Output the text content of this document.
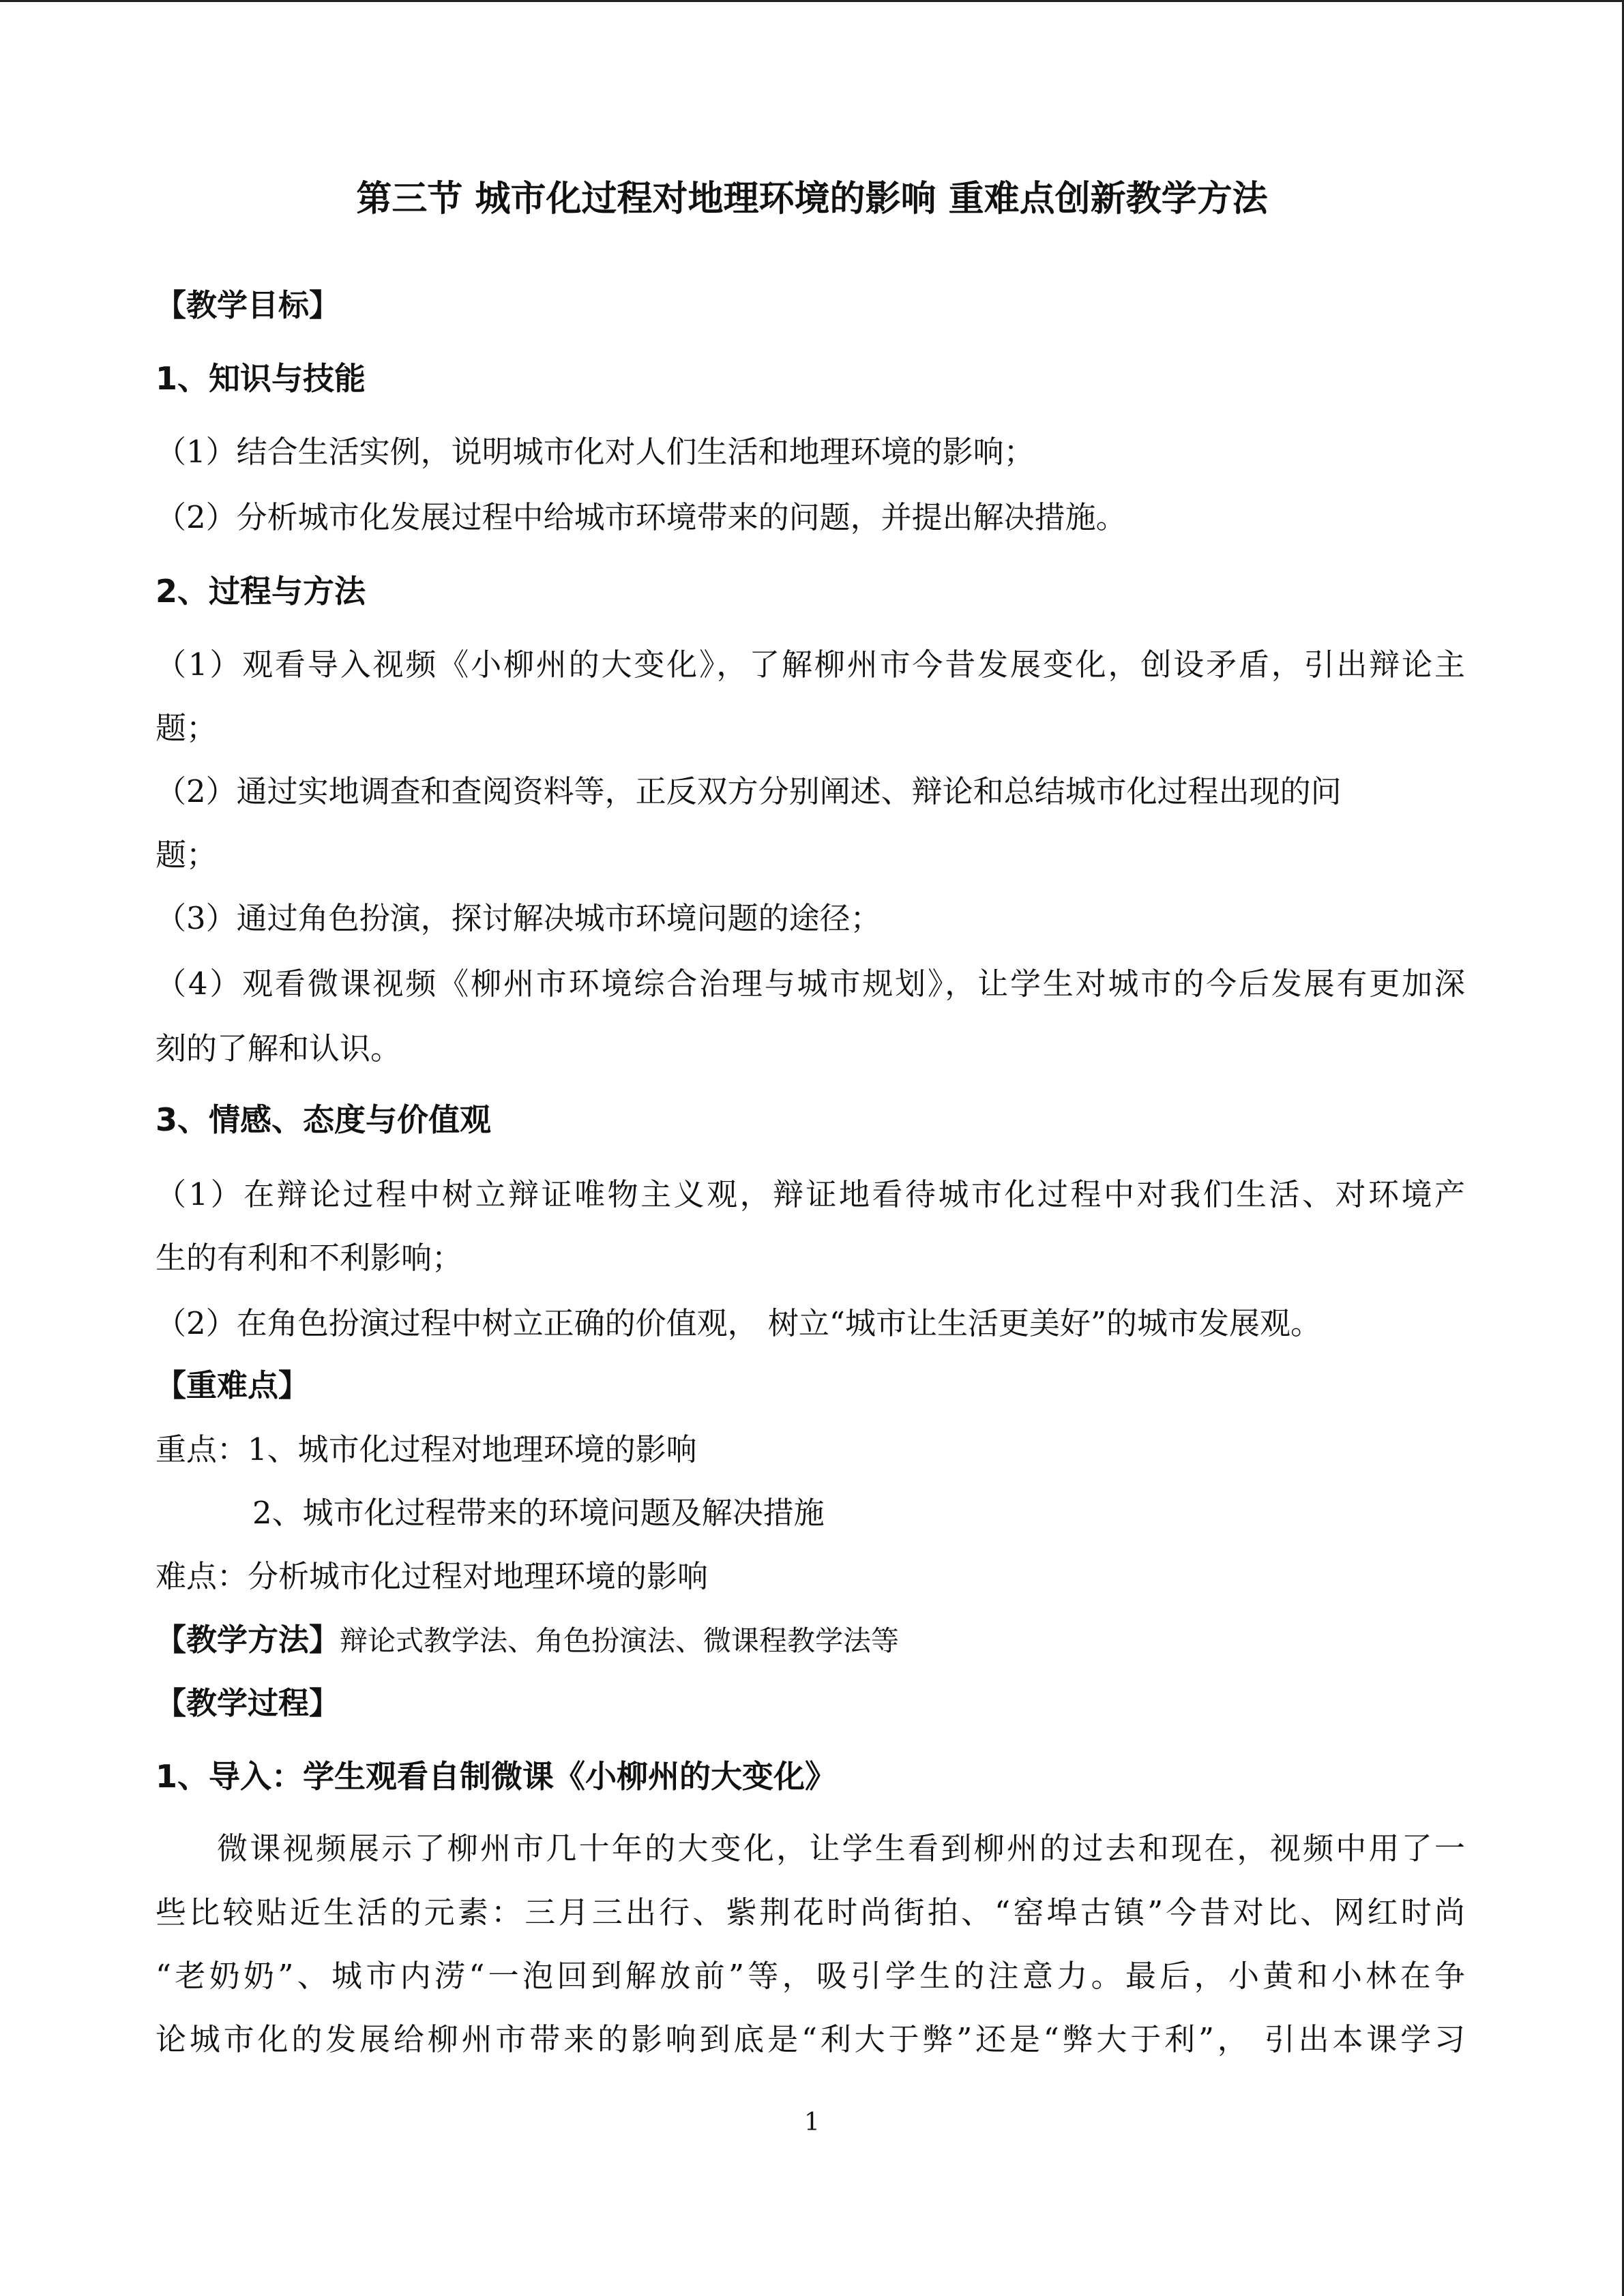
第三节 城市化过程对地理环境的影响 重难点创新教学方法
【教学目标】
1、知识与技能
（1）结合生活实例，说明城市化对人们生活和地理环境的影响；
（2）分析城市化发展过程中给城市环境带来的问题，并提出解决措施。
2、过程与方法
（1）观看导入视频《小柳州的大变化》，了解柳州市今昔发展变化，创设矛盾，引出辩论主
题；
（2）通过实地调查和查阅资料等，正反双方分别阐述、辩论和总结城市化过程出现的问
题；
（3）通过角色扮演，探讨解决城市环境问题的途径；
（4）观看微课视频《柳州市环境综合治理与城市规划》，让学生对城市的今后发展有更加深
刻的了解和认识。
3、情感、态度与价值观
（1）在辩论过程中树立辩证唯物主义观，辩证地看待城市化过程中对我们生活、对环境产
生的有利和不利影响；
（2）在角色扮演过程中树立正确的价值观， 树立“城市让生活更美好”的城市发展观。
【重难点】
重点：1、城市化过程对地理环境的影响
2、城市化过程带来的环境问题及解决措施
难点：分析城市化过程对地理环境的影响
【教学方法】辩论式教学法、角色扮演法、微课程教学法等
【教学过程】
1、导入：学生观看自制微课《小柳州的大变化》
微课视频展示了柳州市几十年的大变化，让学生看到柳州的过去和现在，视频中用了一
些比较贴近生活的元素：三月三出行、紫荆花时尚街拍、“窑埠古镇”今昔对比、网红时尚
“老奶奶”、城市内涝“一泡回到解放前”等，吸引学生的注意力。最后，小黄和小林在争
论城市化的发展给柳州市带来的影响到底是“利大于弊”还是“弊大于利”， 引出本课学习
1
